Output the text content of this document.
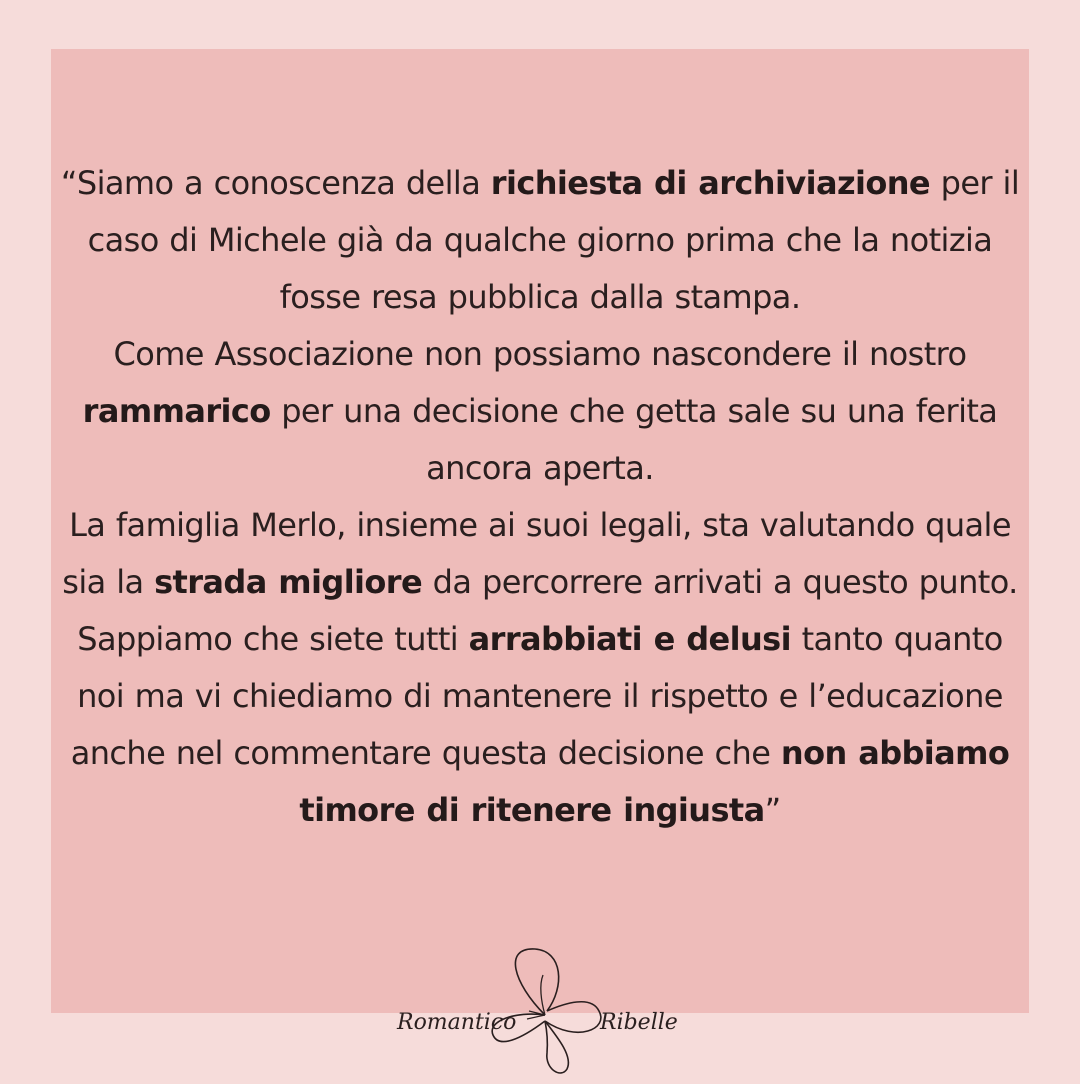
“Siamo a conoscenza della richiesta di archiviazione per il caso di Michele già da qualche giorno prima che la notizia fosse resa pubblica dalla stampa.
Come Associazione non possiamo nascondere il nostro rammarico per una decisione che getta sale su una ferita ancora aperta.
La famiglia Merlo, insieme ai suoi legali, sta valutando quale sia la strada migliore da percorrere arrivati a questo punto.
Sappiamo che siete tutti arrabbiati e delusi tanto quanto noi ma vi chiediamo di mantenere il rispetto e l’educazione anche nel commentare questa decisione che non abbiamo timore di ritenere ingiusta”

Romantico	Ribelle
